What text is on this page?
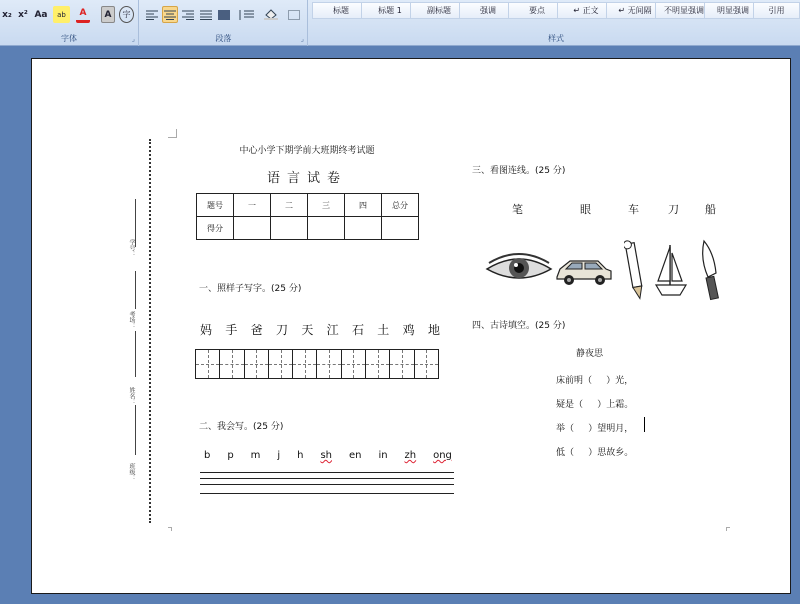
x₂ x² Aa	ab	A	A	字
字体	⌟	段落	⌟
标题	标题 1	副标题	强调	要点	↵ 正文	↵ 无间隔	不明显强调	明显强调	引用
样式
学号：
考场：
姓名：
班级：
中心小学下期学前大班期终考试题
语言试卷
题号	一	二	三	四	总分
得分					
一、照样子写字。(25 分)
妈 手 爸 刀 天 江 石 土 鸡 地
二、我会写。(25 分)
b p m j h sh en in zh ong
三、看图连线。(25 分)
笔	眼	车	刀 船
四、古诗填空。(25 分)
静夜思
床前明（     ）光，
疑是（     ）上霜。
举（     ）望明月，
低（     ）思故乡。
